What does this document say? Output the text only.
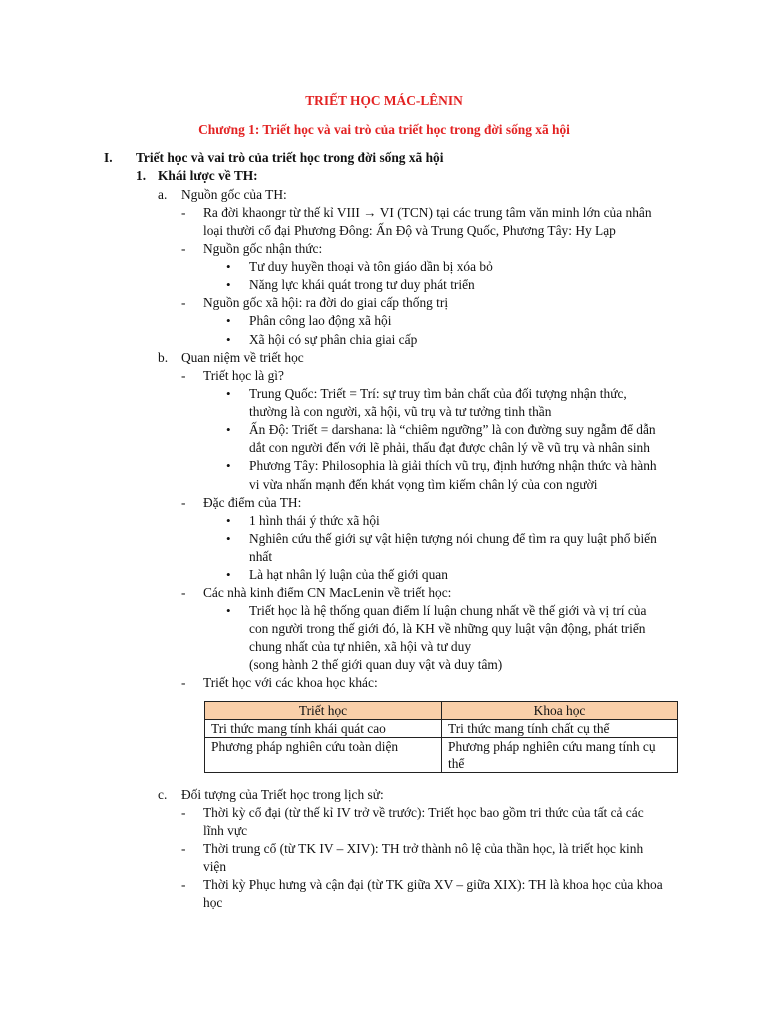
TRIẾT HỌC MÁC-LÊNIN
Chương 1: Triết học và vai trò của triết học trong đời sống xã hội
I. Triết học và vai trò của triết học trong đời sống xã hội
1. Khái lược về TH:
a. Nguồn gốc của TH:
- Ra đời khaongr từ thế kỉ VIII → VI (TCN) tại các trung tâm văn minh lớn của nhân
loại thười cổ đại Phương Đông: Ấn Độ và Trung Quốc, Phương Tây: Hy Lạp
- Nguồn gốc nhận thức:
• Tư duy huyền thoại và tôn giáo dần bị xóa bỏ
• Năng lực khái quát trong tư duy phát triển
- Nguồn gốc xã hội: ra đời do giai cấp thống trị
• Phân công lao động xã hội
• Xã hội có sự phân chia giai cấp
b. Quan niệm về triết học
- Triết học là gì?
• Trung Quốc: Triết = Trí: sự truy tìm bản chất của đối tượng nhận thức,
thường là con người, xã hội, vũ trụ và tư tưởng tinh thần
• Ấn Độ: Triết = darshana: là “chiêm ngưỡng” là con đường suy ngẫm để dẫn
dắt con người đến với lẽ phải, thấu đạt được chân lý về vũ trụ và nhân sinh
• Phương Tây: Philosophia là giải thích vũ trụ, định hướng nhận thức và hành
vi vừa nhấn mạnh đến khát vọng tìm kiếm chân lý của con người
- Đặc điểm của TH:
• 1 hình thái ý thức xã hội
• Nghiên cứu thế giới sự vật hiện tượng nói chung để tìm ra quy luật phổ biến
nhất
• Là hạt nhân lý luận của thế giới quan
- Các nhà kinh điểm CN MacLenin về triết học:
• Triết học là hệ thống quan điểm lí luận chung nhất về thế giới và vị trí của
con người trong thế giới đó, là KH về những quy luật vận động, phát triển
chung nhất của tự nhiên, xã hội và tư duy
(song hành 2 thế giới quan duy vật và duy tâm)
- Triết học với các khoa học khác:
Triết học	Khoa học
Tri thức mang tính khái quát cao	Tri thức mang tính chất cụ thể
Phương pháp nghiên cứu toàn diện	Phương pháp nghiên cứu mang tính cụ thể
c. Đối tượng của Triết học trong lịch sử:
- Thời kỳ cổ đại (từ thế kỉ IV trở về trước): Triết học bao gồm tri thức của tất cả các
lĩnh vực
- Thời trung cổ (từ TK IV – XIV): TH trở thành nô lệ của thần học, là triết học kinh
viện
- Thời kỳ Phục hưng và cận đại (từ TK giữa XV – giữa XIX): TH là khoa học của khoa
học
